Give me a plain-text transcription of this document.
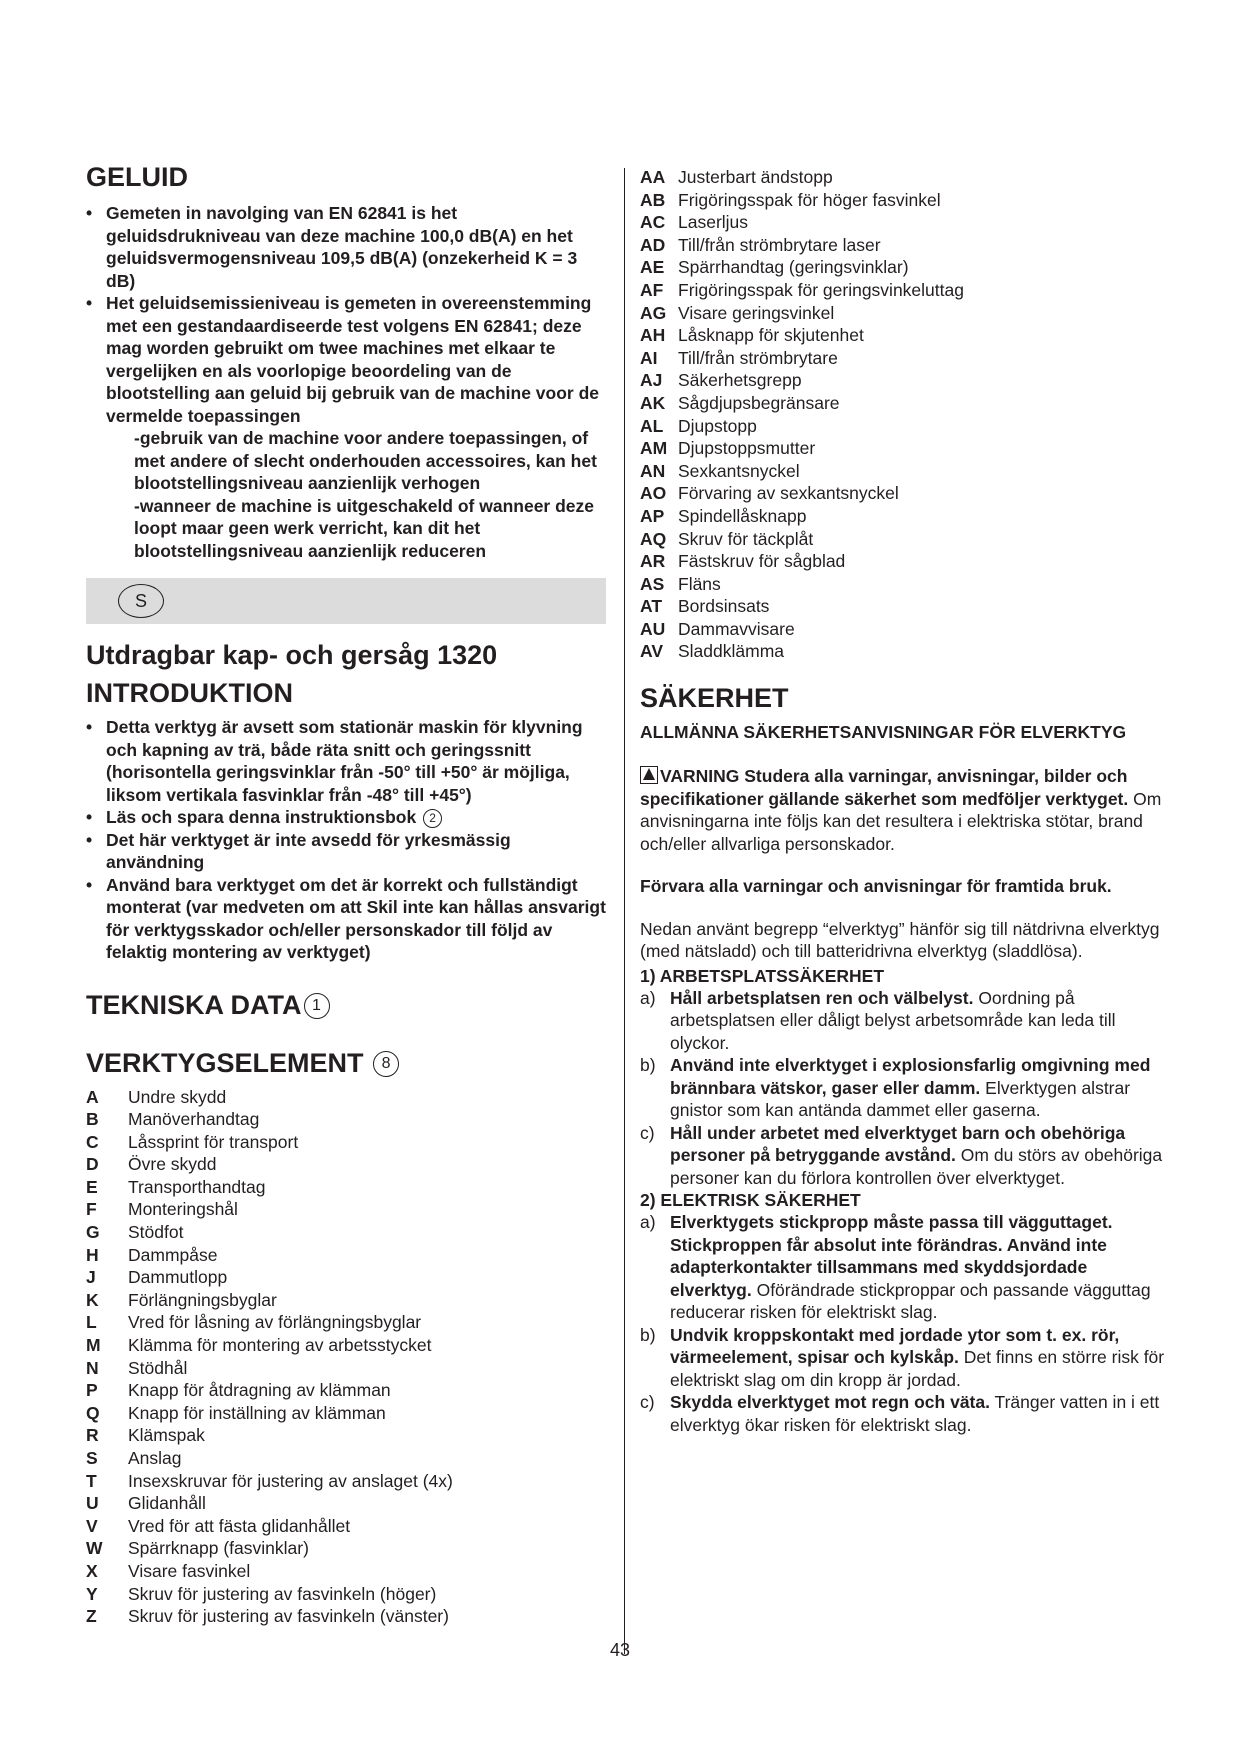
GELUID
• Gemeten in navolging van EN 62841 is het geluidsdrukniveau van deze machine 100,0 dB(A) en het geluidsvermogensniveau 109,5 dB(A) (onzekerheid K = 3 dB)
• Het geluidsemissieniveau is gemeten in overeenstemming met een gestandaardiseerde test volgens EN 62841; deze mag worden gebruikt om twee machines met elkaar te vergelijken en als voorlopige beoordeling van de blootstelling aan geluid bij gebruik van de machine voor de vermelde toepassingen

-gebruik van de machine voor andere toepassingen, of met andere of slecht onderhouden accessoires, kan het blootstellingsniveau aanzienlijk verhogen

-wanneer de machine is uitgeschakeld of wanneer deze loopt maar geen werk verricht, kan dit het blootstellingsniveau aanzienlijk reduceren

S
Utdragbar kap- och gersåg 1320
INTRODUKTION
• Detta verktyg är avsett som stationär maskin för klyvning och kapning av trä, både räta snitt och geringssnitt (horisontella geringsvinklar från -50° till +50° är möjliga, liksom vertikala fasvinklar från -48° till +45°)
• Läs och spara denna instruktionsbok 2
• Det här verktyget är inte avsedd för yrkesmässig användning
• Använd bara verktyget om det är korrekt och fullständigt monterat (var medveten om att Skil inte kan hållas ansvarigt för verktygsskador och/eller personskador till följd av felaktig montering av verktyget)
TEKNISKA DATA 1
VERKTYGSELEMENT 8
A	Undre skydd
B	Manöverhandtag
C	Låssprint för transport
D	Övre skydd
E	Transporthandtag
F	Monteringshål
G	Stödfot
H	Dammpåse
J	Dammutlopp
K	Förlängningsbyglar
L	Vred för låsning av förlängningsbyglar
M	Klämma för montering av arbetsstycket
N	Stödhål
P	Knapp för åtdragning av klämman
Q	Knapp för inställning av klämman
R	Klämspak
S	Anslag
T	Insexskruvar för justering av anslaget (4x)
U	Glidanhåll
V	Vred för att fästa glidanhållet
W	Spärrknapp (fasvinklar)
X	Visare fasvinkel
Y	Skruv för justering av fasvinkeln (höger)
Z	Skruv för justering av fasvinkeln (vänster)
AA	Justerbart ändstopp
AB	Frigöringsspak för höger fasvinkel
AC	Laserljus
AD	Till/från strömbrytare laser
AE	Spärrhandtag (geringsvinklar)
AF	Frigöringsspak för geringsvinkeluttag
AG	Visare geringsvinkel
AH	Låsknapp för skjutenhet
AI	Till/från strömbrytare
AJ	Säkerhetsgrepp
AK	Sågdjupsbegränsare
AL	Djupstopp
AM	Djupstoppsmutter
AN	Sexkantsnyckel
AO	Förvaring av sexkantsnyckel
AP	Spindellåsknapp
AQ	Skruv för täckplåt
AR	Fästskruv för sågblad
AS	Fläns
AT	Bordsinsats
AU	Dammavvisare
AV	Sladdklämma
SÄKERHET
ALLMÄNNA SÄKERHETSANVISNINGAR FÖR ELVERKTYG

VARNING Studera alla varningar, anvisningar, bilder och specifikationer gällande säkerhet som medföljer verktyget. Om anvisningarna inte följs kan det resultera i elektriska stötar, brand och/eller allvarliga personskador.

Förvara alla varningar och anvisningar för framtida bruk.

Nedan använt begrepp “elverktyg” hänför sig till nätdrivna elverktyg (med nätsladd) och till batteridrivna elverktyg (sladdlösa).

1) ARBETSPLATSSÄKERHET
a) Håll arbetsplatsen ren och välbelyst. Oordning på arbetsplatsen eller dåligt belyst arbetsområde kan leda till olyckor.
b) Använd inte elverktyget i explosionsfarlig omgivning med brännbara vätskor, gaser eller damm. Elverktygen alstrar gnistor som kan antända dammet eller gaserna.
c) Håll under arbetet med elverktyget barn och obehöriga personer på betryggande avstånd. Om du störs av obehöriga personer kan du förlora kontrollen över elverktyget.
2) ELEKTRISK SÄKERHET
a) Elverktygets stickpropp måste passa till vägguttaget. Stickproppen får absolut inte förändras. Använd inte adapterkontakter tillsammans med skyddsjordade elverktyg. Oförändrade stickproppar och passande vägguttag reducerar risken för elektriskt slag.
b) Undvik kroppskontakt med jordade ytor som t. ex. rör, värmeelement, spisar och kylskåp. Det finns en större risk för elektriskt slag om din kropp är jordad.
c) Skydda elverktyget mot regn och väta. Tränger vatten in i ett elverktyg ökar risken för elektriskt slag.
43
